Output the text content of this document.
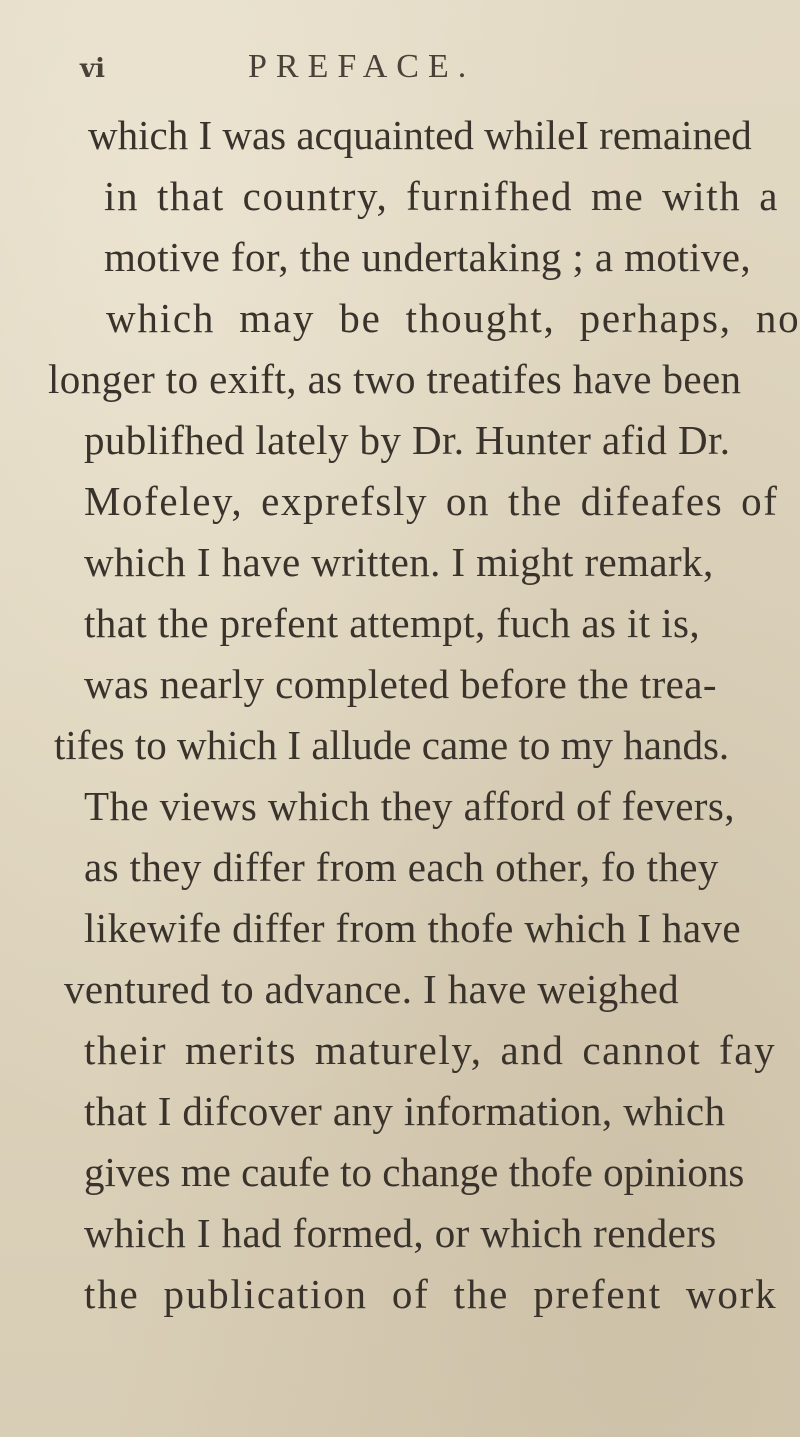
vi	PREFACE.
which I was acquainted whileI remained
in that country, furnifhed me with a
motive for, the undertaking ; a motive,
which may be thought, perhaps, no
longer to exift, as two treatifes have been
publifhed lately by Dr. Hunter afid Dr.
Mofeley, exprefsly on the difeafes of
which I have written. I might remark,
that the prefent attempt, fuch as it is,
was nearly completed before the trea-
tifes to which I allude came to my hands.
The views which they afford of fevers,
as they differ from each other, fo they
likewife differ from thofe which I have
ventured to advance. I have weighed
their merits maturely, and cannot fay
that I difcover any information, which
gives me caufe to change thofe opinions
which I had formed, or which renders
the publication of the prefent work
